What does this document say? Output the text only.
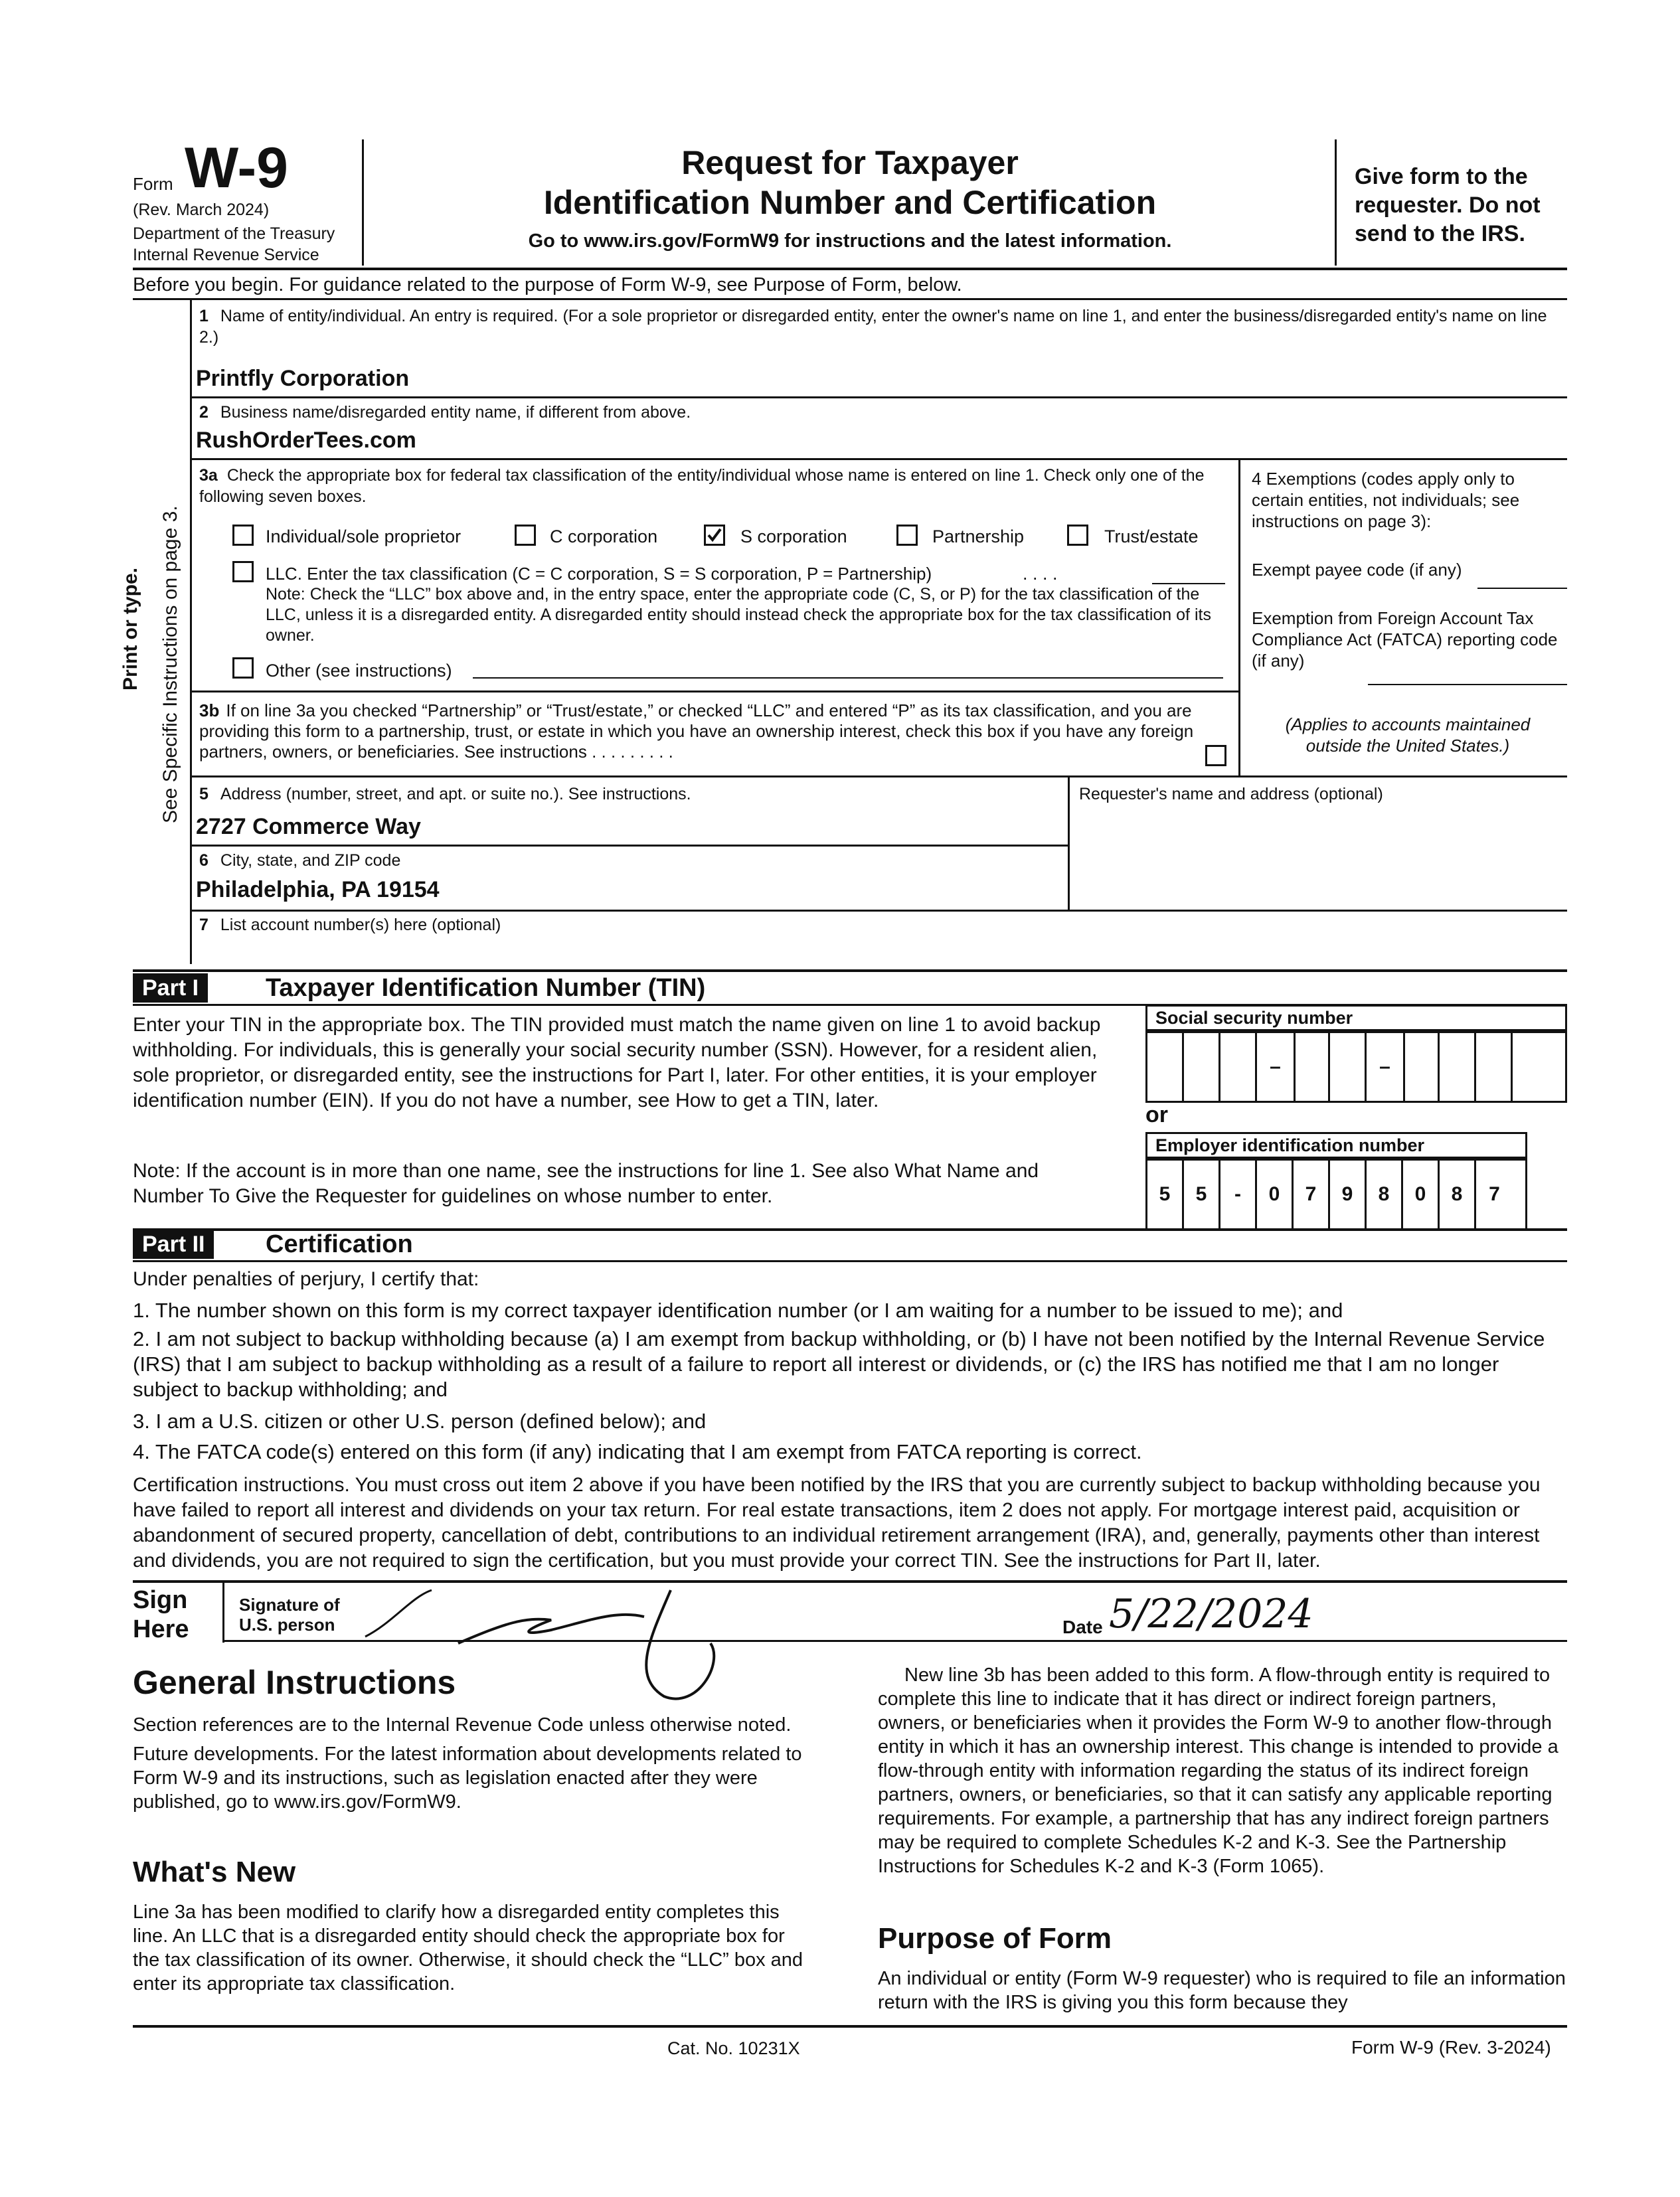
Form W-9
(Rev. March 2024)
Department of the Treasury
Internal Revenue Service
Request for Taxpayer
Identification Number and Certification
Go to www.irs.gov/FormW9 for instructions and the latest information.
Give form to the requester. Do not send to the IRS.
Before you begin. For guidance related to the purpose of Form W-9, see Purpose of Form, below.
Print or type. See Specific Instructions on page 3.
1 Name of entity/individual. An entry is required. (For a sole proprietor or disregarded entity, enter the owner's name on line 1, and enter the business/disregarded entity's name on line 2.)
Printfly Corporation
2 Business name/disregarded entity name, if different from above.
RushOrderTees.com
3a Check the appropriate box for federal tax classification of the entity/individual whose name is entered on line 1. Check only one of the following seven boxes.
Individual/sole proprietor	C corporation	S corporation	Partnership	Trust/estate
LLC. Enter the tax classification (C = C corporation, S = S corporation, P = Partnership)	. . . .
Note: Check the “LLC” box above and, in the entry space, enter the appropriate code (C, S, or P) for the tax classification of the LLC, unless it is a disregarded entity. A disregarded entity should instead check the appropriate box for the tax classification of its owner.
Other (see instructions)
4 Exemptions (codes apply only to certain entities, not individuals; see instructions on page 3):
Exempt payee code (if any)
Exemption from Foreign Account Tax Compliance Act (FATCA) reporting code (if any)
(Applies to accounts maintained outside the United States.)
3b If on line 3a you checked “Partnership” or “Trust/estate,” or checked “LLC” and entered “P” as its tax classification, and you are providing this form to a partnership, trust, or estate in which you have an ownership interest, check this box if you have any foreign partners, owners, or beneficiaries. See instructions . . . . . . . . .
5 Address (number, street, and apt. or suite no.). See instructions.
2727 Commerce Way
Requester's name and address (optional)
6 City, state, and ZIP code
Philadelphia, PA 19154
7 List account number(s) here (optional)
Part I	Taxpayer Identification Number (TIN)
Enter your TIN in the appropriate box. The TIN provided must match the name given on line 1 to avoid backup withholding. For individuals, this is generally your social security number (SSN). However, for a resident alien, sole proprietor, or disregarded entity, see the instructions for Part I, later. For other entities, it is your employer identification number (EIN). If you do not have a number, see How to get a TIN, later.
Note: If the account is in more than one name, see the instructions for line 1. See also What Name and Number To Give the Requester for guidelines on whose number to enter.
Social security number
–	–
or
Employer identification number
5	5	-	0	7	9	8	0	8	7
Part II	Certification
Under penalties of perjury, I certify that:
1. The number shown on this form is my correct taxpayer identification number (or I am waiting for a number to be issued to me); and
2. I am not subject to backup withholding because (a) I am exempt from backup withholding, or (b) I have not been notified by the Internal Revenue Service (IRS) that I am subject to backup withholding as a result of a failure to report all interest or dividends, or (c) the IRS has notified me that I am no longer subject to backup withholding; and
3. I am a U.S. citizen or other U.S. person (defined below); and
4. The FATCA code(s) entered on this form (if any) indicating that I am exempt from FATCA reporting is correct.
Certification instructions. You must cross out item 2 above if you have been notified by the IRS that you are currently subject to backup withholding because you have failed to report all interest and dividends on your tax return. For real estate transactions, item 2 does not apply. For mortgage interest paid, acquisition or abandonment of secured property, cancellation of debt, contributions to an individual retirement arrangement (IRA), and, generally, payments other than interest and dividends, you are not required to sign the certification, but you must provide your correct TIN. See the instructions for Part II, later.
Sign Here
Signature of U.S. person	Date 5/22/2024
General Instructions

Section references are to the Internal Revenue Code unless otherwise noted.

Future developments. For the latest information about developments related to Form W-9 and its instructions, such as legislation enacted after they were published, go to www.irs.gov/FormW9.

What's New
Line 3a has been modified to clarify how a disregarded entity completes this line. An LLC that is a disregarded entity should check the appropriate box for the tax classification of its owner. Otherwise, it should check the “LLC” box and enter its appropriate tax classification.

New line 3b has been added to this form. A flow-through entity is required to complete this line to indicate that it has direct or indirect foreign partners, owners, or beneficiaries when it provides the Form W-9 to another flow-through entity in which it has an ownership interest. This change is intended to provide a flow-through entity with information regarding the status of its indirect foreign partners, owners, or beneficiaries, so that it can satisfy any applicable reporting requirements. For example, a partnership that has any indirect foreign partners may be required to complete Schedules K-2 and K-3. See the Partnership Instructions for Schedules K-2 and K-3 (Form 1065).

Purpose of Form
An individual or entity (Form W-9 requester) who is required to file an information return with the IRS is giving you this form because they
Cat. No. 10231X	Form W-9 (Rev. 3-2024)
